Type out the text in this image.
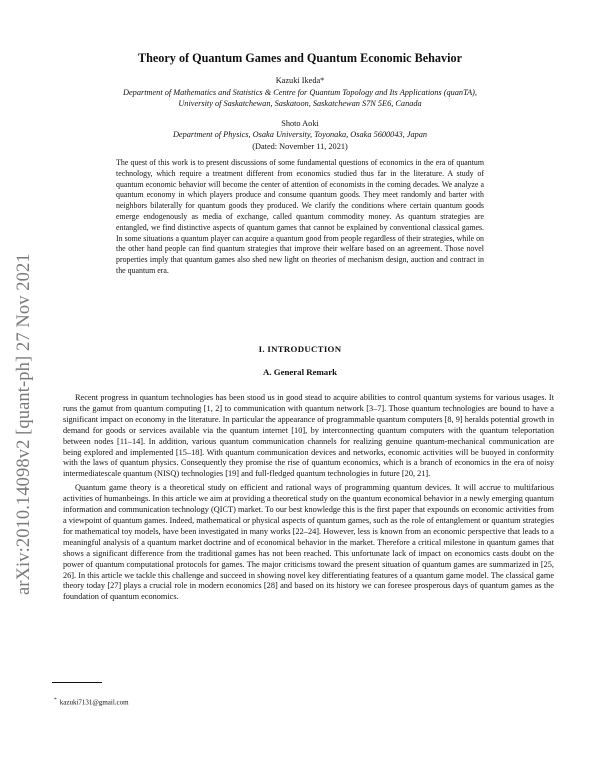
arXiv:2010.14098v2 [quant-ph] 27 Nov 2021
Theory of Quantum Games and Quantum Economic Behavior
Kazuki Ikeda*
Department of Mathematics and Statistics & Centre for Quantum Topology and Its Applications (quanTA),
University of Saskatchewan, Saskatoon, Saskatchewan S7N 5E6, Canada
Shoto Aoki
Department of Physics, Osaka University, Toyonaka, Osaka 5600043, Japan
(Dated: November 11, 2021)

The quest of this work is to present discussions of some fundamental questions of economics in the era of quantum technology, which require a treatment different from economics studied thus far in the literature. A study of quantum economic behavior will become the center of attention of economists in the coming decades. We analyze a quantum economy in which players produce and consume quantum goods. They meet randomly and barter with neighbors bilaterally for quantum goods they produced. We clarify the conditions where certain quantum goods emerge endogenously as media of exchange, called quantum commodity money. As quantum strategies are entangled, we find distinctive aspects of quantum games that cannot be explained by conventional classical games. In some situations a quantum player can acquire a quantum good from people regardless of their strategies, while on the other hand people can find quantum strategies that improve their welfare based on an agreement. Those novel properties imply that quantum games also shed new light on theories of mechanism design, auction and contract in the quantum era.

I. INTRODUCTION
A. General Remark

Recent progress in quantum technologies has been stood us in good stead to acquire abilities to control quantum systems for various usages. It runs the gamut from quantum computing [1, 2] to communication with quantum network [3–7]. Those quantum technologies are bound to have a significant impact on economy in the literature. In particular the appearance of programmable quantum computers [8, 9] heralds potential growth in demand for goods or services available via the quantum internet [10], by interconnecting quantum computers with the quantum teleportation between nodes [11–14]. In addition, various quantum communication channels for realizing genuine quantum-mechanical communication are being explored and implemented [15–18]. With quantum communication devices and networks, economic activities will be buoyed in conformity with the laws of quantum physics. Consequently they promise the rise of quantum economics, which is a branch of economics in the era of noisy intermediatescale quantum (NISQ) technologies [19] and full-fledged quantum technologies in future [20, 21].

Quantum game theory is a theoretical study on efficient and rational ways of programming quantum devices. It will accrue to multifarious activities of humanbeings. In this article we aim at providing a theoretical study on the quantum economical behavior in a newly emerging quantum information and communication technology (QICT) market. To our best knowledge this is the first paper that expounds on economic activities from a viewpoint of quantum games. Indeed, mathematical or physical aspects of quantum games, such as the role of entanglement or quantum strategies for mathematical toy models, have been investigated in many works [22–24]. However, less is known from an economic perspective that leads to a meaningful analysis of a quantum market doctrine and of economical behavior in the market. Therefore a critical milestone in quantum games that shows a significant difference from the traditional games has not been reached. This unfortunate lack of impact on economics casts doubt on the power of quantum computational protocols for games. The major criticisms toward the present situation of quantum games are summarized in [25, 26]. In this article we tackle this challenge and succeed in showing novel key differentiating features of a quantum game model. The classical game theory today [27] plays a crucial role in modern economics [28] and based on its history we can foresee prosperous days of quantum games as the foundation of quantum economics.

* kazuki7131@gmail.com
